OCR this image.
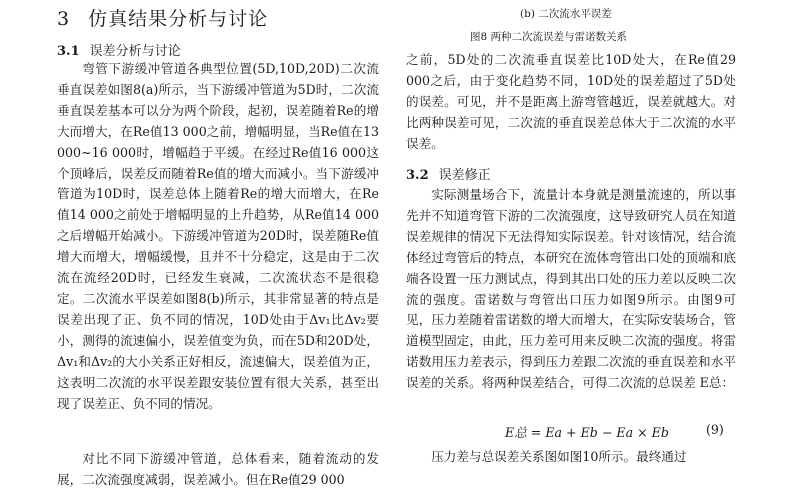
3 仿真结果分析与讨论
3.1 误差分析与讨论

弯管下游缓冲管道各典型位置(5D,10D,20D)二次流垂直误差如图8(a)所示，当下游缓冲管道为5D时，二次流垂直误差基本可以分为两个阶段，起初，误差随着Re的增大而增大，在Re值13 000之前，增幅明显，当Re值在13 000~16 000时，增幅趋于平缓。在经过Re值16 000这个顶峰后，误差反而随着Re值的增大而减小。当下游缓冲管道为10D时，误差总体上随着Re的增大而增大，在Re值14 000之前处于增幅明显的上升趋势，从Re值14 000之后增幅开始减小。下游缓冲管道为20D时，误差随Re值增大而增大，增幅缓慢，且并不十分稳定，这是由于二次流在流经20D时，已经发生衰减，二次流状态不是很稳定。二次流水平误差如图8(b)所示，其非常显著的特点是误差出现了正、负不同的情况，10D处由于Δv₁比Δv₂要小，测得的流速偏小，误差值变为负，而在5D和20D处，Δv₁和Δv₂的大小关系正好相反，流速偏大，误差值为正，这表明二次流的水平误差跟安装位置有很大关系，甚至出现了误差正、负不同的情况。

对比不同下游缓冲管道，总体看来，随着流动的发展，二次流强度减弱，误差减小。但在Re值29 000

(b) 二次流水平误差
图8 两种二次流误差与雷诺数关系

之前，5D处的二次流垂直误差比10D处大，在Re值29 000之后，由于变化趋势不同，10D处的误差超过了5D处的误差。可见，并不是距离上游弯管越近，误差就越大。对比两种误差可见，二次流的垂直误差总体大于二次流的水平误差。

3.2 误差修正

实际测量场合下，流量计本身就是测量流速的，所以事先并不知道弯管下游的二次流强度，这导致研究人员在知道误差规律的情况下无法得知实际误差。针对该情况，结合流体经过弯管后的特点，本研究在流体弯管出口处的顶端和底端各设置一压力测试点，得到其出口处的压力差以反映二次流的强度。雷诺数与弯管出口压力如图9所示。由图9可见，压力差随着雷诺数的增大而增大，在实际安装场合，管道模型固定，由此，压力差可用来反映二次流的强度。将雷诺数用压力差表示，得到压力差跟二次流的垂直误差和水平误差的关系。将两种误差结合，可得二次流的总误差 E总：

E总 = Ea + Eb − Ea × Eb	(9)

压力差与总误差关系图如图10所示。最终通过
